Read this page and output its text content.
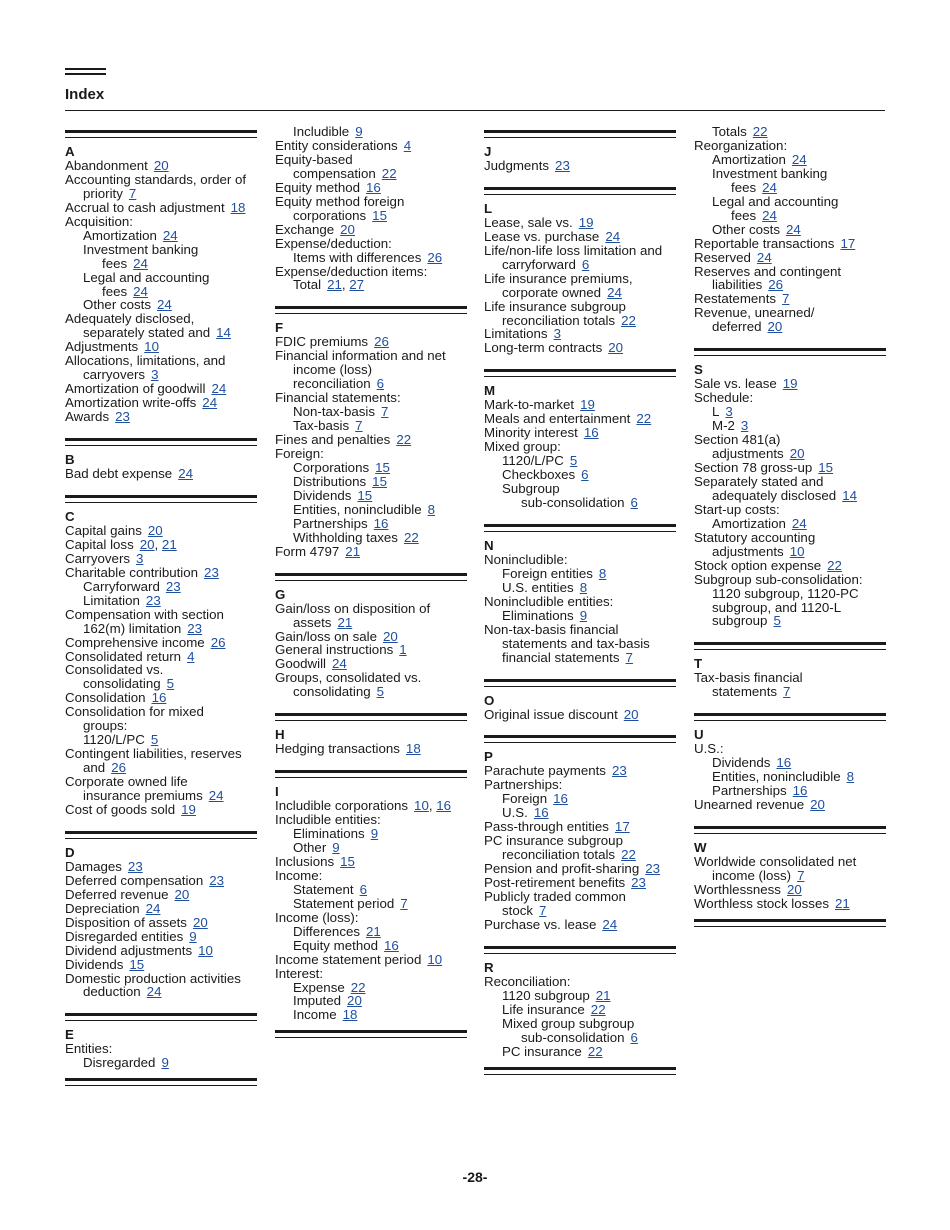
Index
A
Abandonment 20
Accounting standards, order of
priority 7
Accrual to cash adjustment 18
Acquisition:
Amortization 24
Investment banking
fees 24
Legal and accounting
fees 24
Other costs 24
Adequately disclosed,
separately stated and 14
Adjustments 10
Allocations, limitations, and
carryovers 3
Amortization of goodwill 24
Amortization write-offs 24
Awards 23
B
Bad debt expense 24
C
Capital gains 20
Capital loss 20, 21
Carryovers 3
Charitable contribution 23
Carryforward 23
Limitation 23
Compensation with section
162(m) limitation 23
Comprehensive income 26
Consolidated return 4
Consolidated vs.
consolidating 5
Consolidation 16
Consolidation for mixed
groups:
1120/L/PC 5
Contingent liabilities, reserves
and 26
Corporate owned life
insurance premiums 24
Cost of goods sold 19
D
Damages 23
Deferred compensation 23
Deferred revenue 20
Depreciation 24
Disposition of assets 20
Disregarded entities 9
Dividend adjustments 10
Dividends 15
Domestic production activities
deduction 24
E
Entities:
Disregarded 9
Includible 9
Entity considerations 4
Equity-based
compensation 22
Equity method 16
Equity method foreign
corporations 15
Exchange 20
Expense/deduction:
Items with differences 26
Expense/deduction items:
Total 21, 27
F
FDIC premiums 26
Financial information and net
income (loss)
reconciliation 6
Financial statements:
Non-tax-basis 7
Tax-basis 7
Fines and penalties 22
Foreign:
Corporations 15
Distributions 15
Dividends 15
Entities, nonincludible 8
Partnerships 16
Withholding taxes 22
Form 4797 21
G
Gain/loss on disposition of
assets 21
Gain/loss on sale 20
General instructions 1
Goodwill 24
Groups, consolidated vs.
consolidating 5
H
Hedging transactions 18
I
Includible corporations 10, 16
Includible entities:
Eliminations 9
Other 9
Inclusions 15
Income:
Statement 6
Statement period 7
Income (loss):
Differences 21
Equity method 16
Income statement period 10
Interest:
Expense 22
Imputed 20
Income 18
J
Judgments 23
L
Lease, sale vs. 19
Lease vs. purchase 24
Life/non-life loss limitation and
carryforward 6
Life insurance premiums,
corporate owned 24
Life insurance subgroup
reconciliation totals 22
Limitations 3
Long-term contracts 20
M
Mark-to-market 19
Meals and entertainment 22
Minority interest 16
Mixed group:
1120/L/PC 5
Checkboxes 6
Subgroup
sub-consolidation 6
N
Nonincludible:
Foreign entities 8
U.S. entities 8
Nonincludible entities:
Eliminations 9
Non-tax-basis financial
statements and tax-basis
financial statements 7
O
Original issue discount 20
P
Parachute payments 23
Partnerships:
Foreign 16
U.S. 16
Pass-through entities 17
PC insurance subgroup
reconciliation totals 22
Pension and profit-sharing 23
Post-retirement benefits 23
Publicly traded common
stock 7
Purchase vs. lease 24
R
Reconciliation:
1120 subgroup 21
Life insurance 22
Mixed group subgroup
sub-consolidation 6
PC insurance 22
Totals 22
Reorganization:
Amortization 24
Investment banking
fees 24
Legal and accounting
fees 24
Other costs 24
Reportable transactions 17
Reserved 24
Reserves and contingent
liabilities 26
Restatements 7
Revenue, unearned/
deferred 20
S
Sale vs. lease 19
Schedule:
L 3
M-2 3
Section 481(a)
adjustments 20
Section 78 gross-up 15
Separately stated and
adequately disclosed 14
Start-up costs:
Amortization 24
Statutory accounting
adjustments 10
Stock option expense 22
Subgroup sub-consolidation:
1120 subgroup, 1120-PC
subgroup, and 1120-L
subgroup 5
T
Tax-basis financial
statements 7
U
U.S.:
Dividends 16
Entities, nonincludible 8
Partnerships 16
Unearned revenue 20
W
Worldwide consolidated net
income (loss) 7
Worthlessness 20
Worthless stock losses 21
-28-
